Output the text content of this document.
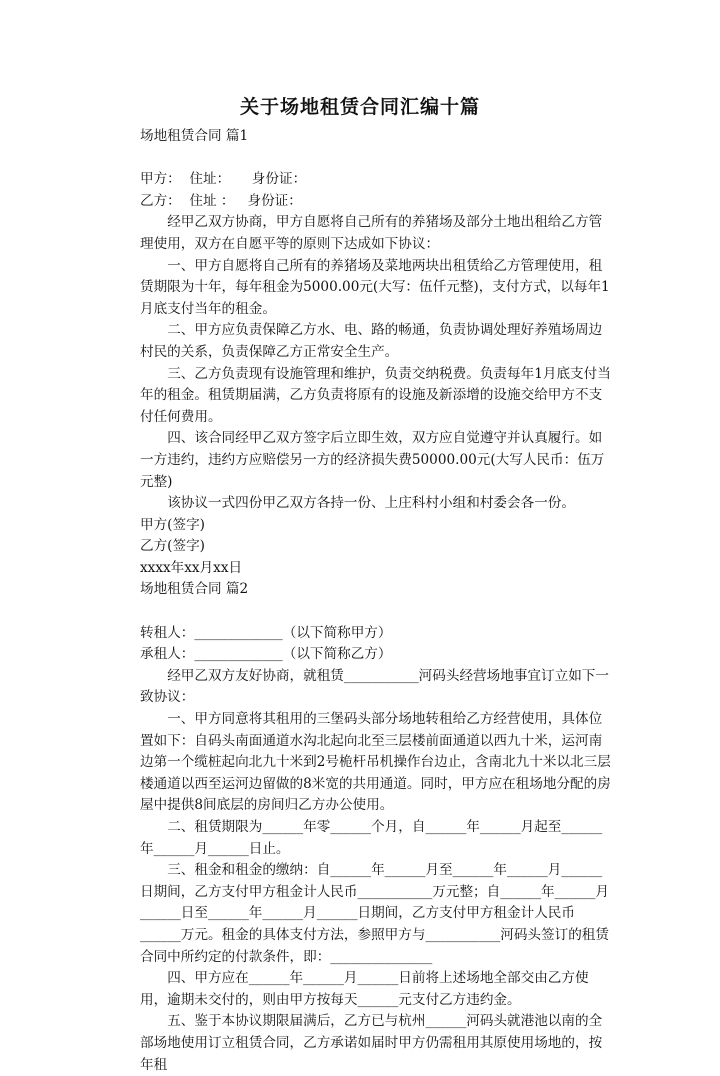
关于场地租赁合同汇编十篇

场地租赁合同 篇1

甲方：  住址：     身份证：

乙方：  住址 ：   身份证：

经甲乙双方协商，甲方自愿将自己所有的养猪场及部分土地出租给乙方管理使用，双方在自愿平等的原则下达成如下协议：

一、甲方自愿将自己所有的养猪场及菜地两块出租赁给乙方管理使用，租赁期限为十年，每年租金为5000.00元(大写：伍仟元整)，支付方式，以每年1月底支付当年的租金。

二、甲方应负责保障乙方水、电、路的畅通，负责协调处理好养殖场周边村民的关系，负责保障乙方正常安全生产。

三、乙方负责现有设施管理和维护，负责交纳税费。负责每年1月底支付当年的租金。租赁期届满，乙方负责将原有的设施及新添增的设施交给甲方不支付任何费用。

四、该合同经甲乙双方签字后立即生效，双方应自觉遵守并认真履行。如一方违约，违约方应赔偿另一方的经济损失费50000.00元(大写人民币：伍万元整)

该协议一式四份甲乙双方各持一份、上庄科村小组和村委会各一份。

甲方(签字)

乙方(签字)

xxxx年xx月xx日

场地租赁合同 篇2

转租人：_____________（以下简称甲方）

承租人：_____________（以下简称乙方）

经甲乙双方友好协商，就租赁___________河码头经营场地事宜订立如下一致协议：

一、甲方同意将其租用的三堡码头部分场地转租给乙方经营使用，具体位置如下：自码头南面通道水沟北起向北至三层楼前面通道以西九十米，运河南边第一个缆桩起向北九十米到2号桅杆吊机操作台边止，含南北九十米以北三层楼通道以西至运河边留做的8米宽的共用通道。同时，甲方应在租场地分配的房屋中提供8间底层的房间归乙方办公使用。

二、租赁期限为______年零______个月，自______年______月起至______年______月______日止。

三、租金和租金的缴纳：自______年______月至______年______月______日期间，乙方支付甲方租金计人民币___________万元整；自______年______月______日至______年______月______日期间，乙方支付甲方租金计人民币______万元。租金的具体支付方法，参照甲方与___________河码头签订的租赁合同中所约定的付款条件，即：_______________

四、甲方应在______年______月______日前将上述场地全部交由乙方使用，逾期未交付的，则由甲方按每天______元支付乙方违约金。

五、鉴于本协议期限届满后，乙方已与杭州______河码头就港池以南的全部场地使用订立租赁合同，乙方承诺如届时甲方仍需租用其原使用场地的，按年租
